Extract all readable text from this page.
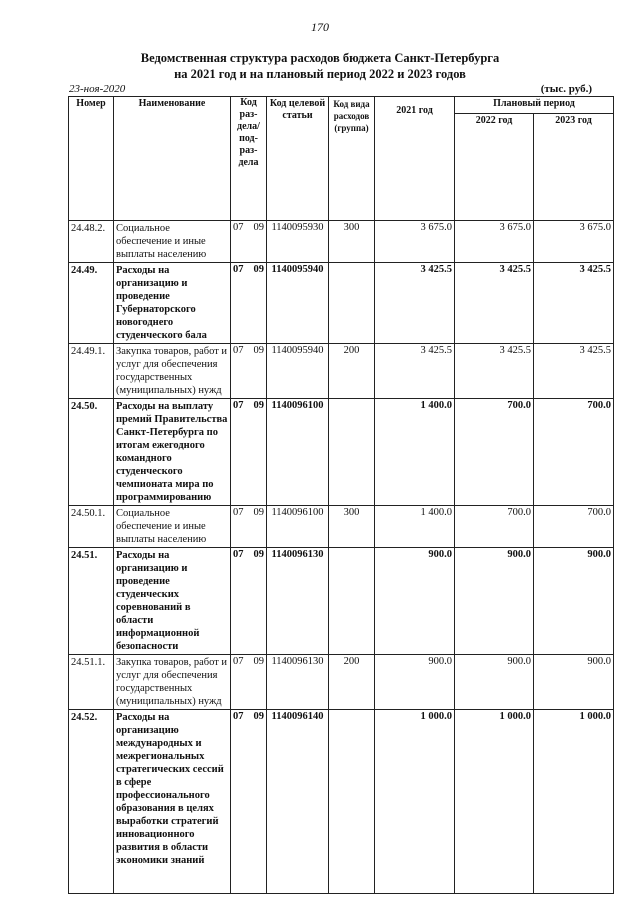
170
Ведомственная структура расходов бюджета Санкт-Петербурга
на 2021 год и на плановый период 2022 и 2023 годов
23-ноя-2020	(тыс. руб.)
Номер	Наименование	Код раз-дела/ под-раз-дела	Код целевой статьи	Код вида расходов (группа)	2021 год	Плановый период	
						2022 год	2023 год
24.48.2.	Социальное обеспечение и иные выплаты населению	07 09	1140095930	300	3 675.0	3 675.0	3 675.0
24.49.	Расходы на организацию и проведение Губернаторского новогоднего студенческого бала	07 09	1140095940		3 425.5	3 425.5	3 425.5
24.49.1.	Закупка товаров, работ и услуг для обеспечения государственных (муниципальных) нужд	07 09	1140095940	200	3 425.5	3 425.5	3 425.5
24.50.	Расходы на выплату премий Правительства Санкт-Петербурга по итогам ежегодного командного студенческого чемпионата мира по программированию	07 09	1140096100		1 400.0	700.0	700.0
24.50.1.	Социальное обеспечение и иные выплаты населению	07 09	1140096100	300	1 400.0	700.0	700.0
24.51.	Расходы на организацию и проведение студенческих соревнований в области информационной безопасности	07 09	1140096130		900.0	900.0	900.0
24.51.1.	Закупка товаров, работ и услуг для обеспечения государственных (муниципальных) нужд	07 09	1140096130	200	900.0	900.0	900.0
24.52.	Расходы на организацию международных и межрегиональных стратегических сессий в сфере профессионального образования в целях выработки стратегий инновационного развития в области экономики знаний	07 09	1140096140		1 000.0	1 000.0	1 000.0
